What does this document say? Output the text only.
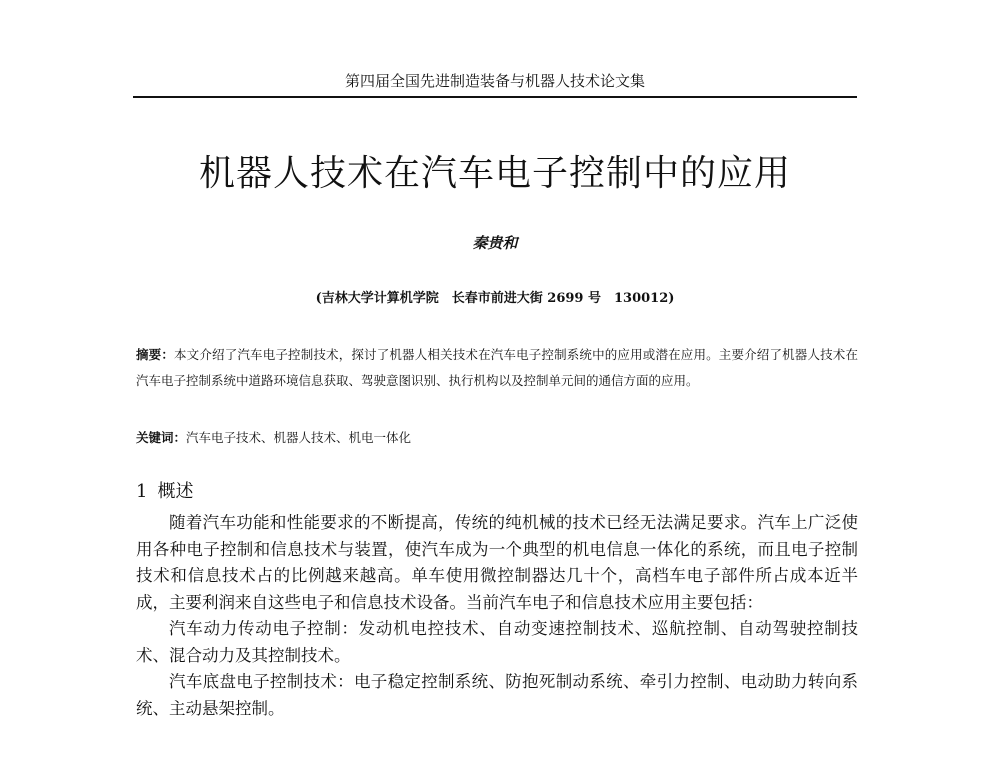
第四届全国先进制造装备与机器人技术论文集
机器人技术在汽车电子控制中的应用
秦贵和
(吉林大学计算机学院　长春市前进大街 2699 号　130012)

摘要：本文介绍了汽车电子控制技术，探讨了机器人相关技术在汽车电子控制系统中的应用或潜在应用。主要介绍了机器人技术在汽车电子控制系统中道路环境信息获取、驾驶意图识别、执行机构以及控制单元间的通信方面的应用。

关键词：汽车电子技术、机器人技术、机电一体化

1 概述

随着汽车功能和性能要求的不断提高，传统的纯机械的技术已经无法满足要求。汽车上广泛使用各种电子控制和信息技术与装置，使汽车成为一个典型的机电信息一体化的系统，而且电子控制技术和信息技术占的比例越来越高。单车使用微控制器达几十个，高档车电子部件所占成本近半成，主要利润来自这些电子和信息技术设备。当前汽车电子和信息技术应用主要包括：

汽车动力传动电子控制：发动机电控技术、自动变速控制技术、巡航控制、自动驾驶控制技术、混合动力及其控制技术。

汽车底盘电子控制技术：电子稳定控制系统、防抱死制动系统、牵引力控制、电动助力转向系统、主动悬架控制。
